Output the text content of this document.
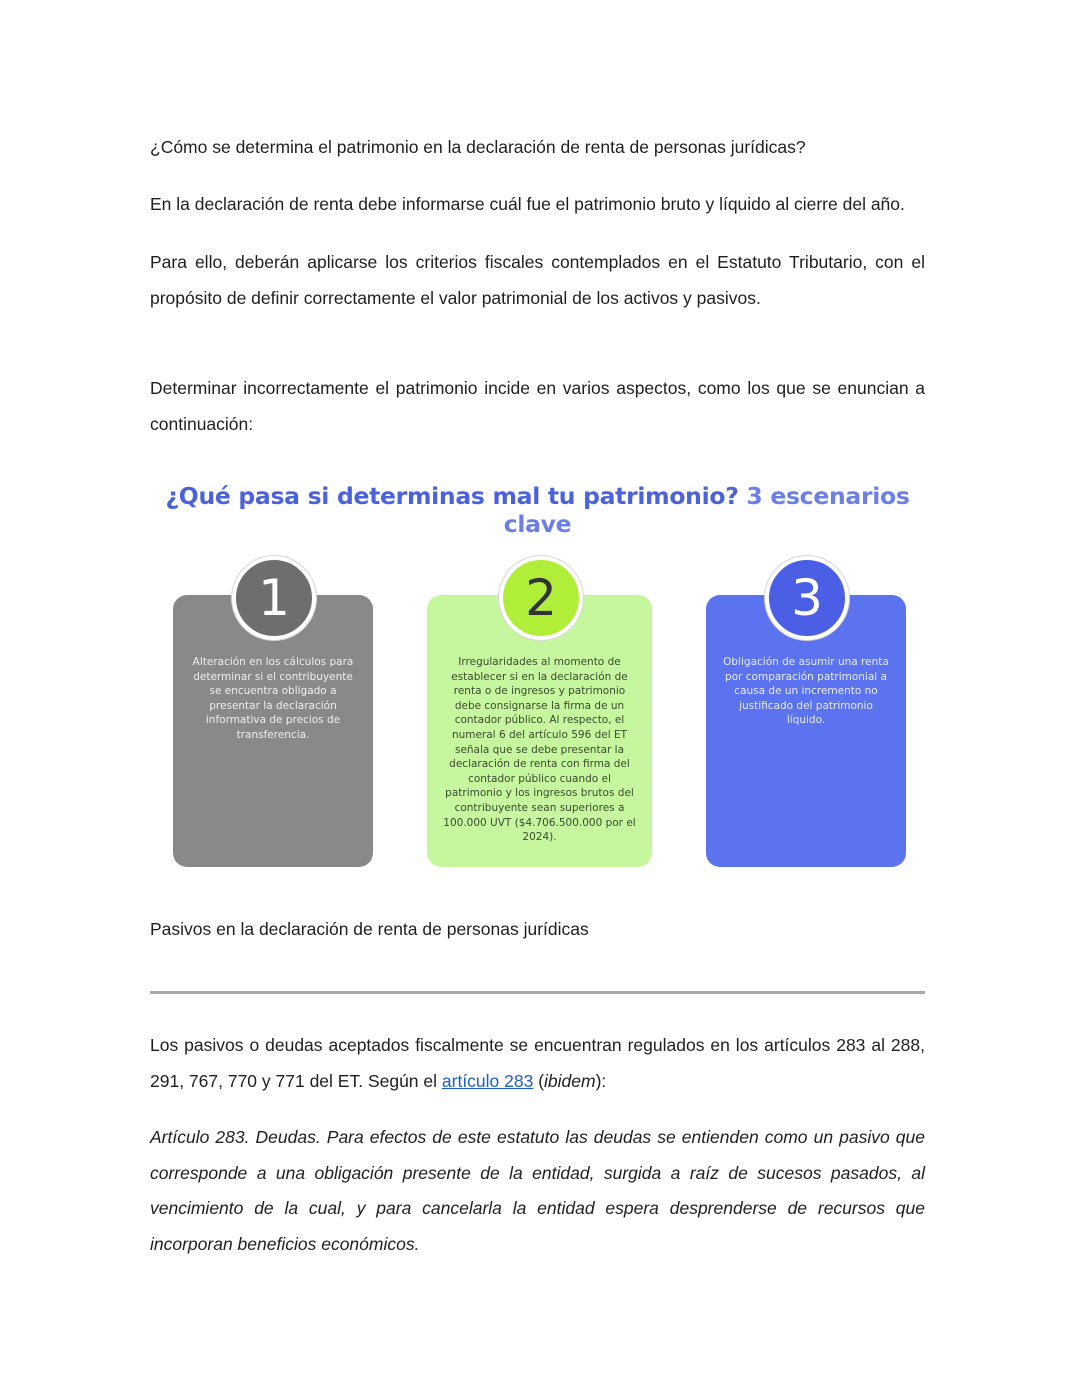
¿Cómo se determina el patrimonio en la declaración de renta de personas jurídicas?

En la declaración de renta debe informarse cuál fue el patrimonio bruto y líquido al cierre del año.

Para ello, deberán aplicarse los criterios fiscales contemplados en el Estatuto Tributario, con el propósito de definir correctamente el valor patrimonial de los activos y pasivos.

Determinar incorrectamente el patrimonio incide en varios aspectos, como los que se enuncian a continuación:

¿Qué pasa si determinas mal tu patrimonio? 3 escenarios clave
Alteración en los cálculos para determinar si el contribuyente se encuentra obligado a presentar la declaración informativa de precios de transferencia.
1
Irregularidades al momento de establecer si en la declaración de renta o de ingresos y patrimonio debe consignarse la firma de un contador público. Al respecto, el numeral 6 del artículo 596 del ET señala que se debe presentar la declaración de renta con firma del contador público cuando el patrimonio y los ingresos brutos del contribuyente sean superiores a 100.000 UVT ($4.706.500.000 por el 2024).
2
Obligación de asumir una renta por comparación patrimonial a causa de un incremento no justificado del patrimonio líquido.
3

Pasivos en la declaración de renta de personas jurídicas

Los pasivos o deudas aceptados fiscalmente se encuentran regulados en los artículos 283 al 288, 291, 767, 770 y 771 del ET. Según el artículo 283 (ibidem):

Artículo 283. Deudas. Para efectos de este estatuto las deudas se entienden como un pasivo que corresponde a una obligación presente de la entidad, surgida a raíz de sucesos pasados, al vencimiento de la cual, y para cancelarla la entidad espera desprenderse de recursos que incorporan beneficios económicos.
